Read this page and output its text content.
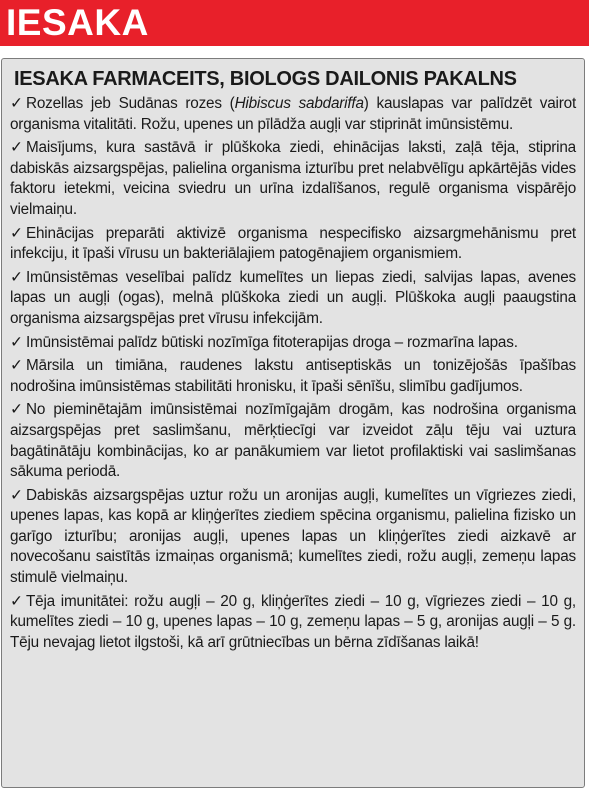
IESAKA
IESAKA FARMACEITS, BIOLOGS DAILONIS PAKALNS

✓ Rozellas jeb Sudānas rozes (Hibiscus sabdariffa) kauslapas var palīdzēt vairot organisma vitalitāti. Rožu, upenes un pīlādža augļi var stiprināt imūnsistēmu.

✓ Maisījums, kura sastāvā ir plūškoka ziedi, ehinācijas laksti, zaļā tēja, stiprina dabiskās aizsargspējas, palielina organisma izturību pret nelabvēlīgu apkārtējās vides faktoru ietekmi, veicina sviedru un urīna izdalīšanos, regulē organisma vispārējo vielmaiņu.

✓ Ehinācijas preparāti aktivizē organisma nespecifisko aizsargmehānismu pret infekciju, it īpaši vīrusu un bakteriālajiem patogēnajiem organismiem.

✓ Imūnsistēmas veselībai palīdz kumelītes un liepas ziedi, salvijas lapas, avenes lapas un augļi (ogas), melnā plūškoka ziedi un augļi. Plūškoka augļi paaugstina organisma aizsargspējas pret vīrusu infekcijām.

✓ Imūnsistēmai palīdz būtiski nozīmīga fitoterapijas droga – rozmarīna lapas.

✓ Mārsila un timiāna, raudenes lakstu antiseptiskās un tonizējošās īpašības nodrošina imūnsistēmas stabilitāti hronisku, it īpaši sēnīšu, slimību gadījumos.

✓ No pieminētajām imūnsistēmai nozīmīgajām drogām, kas nodrošina organisma aizsargspējas pret saslimšanu, mērķtiecīgi var izveidot zāļu tēju vai uztura bagātinātāju kombinācijas, ko ar panākumiem var lietot profilaktiski vai saslimšanas sākuma periodā.

✓ Dabiskās aizsargspējas uztur rožu un aronijas augļi, kumelītes un vīgriezes ziedi, upenes lapas, kas kopā ar kliņģerītes ziediem spēcina organismu, palielina fizisko un garīgo izturību; aronijas augļi, upenes lapas un kliņģerītes ziedi aizkavē ar novecošanu saistītās izmaiņas organismā; kumelītes ziedi, rožu augļi, zemeņu lapas stimulē vielmaiņu.

✓ Tēja imunitātei: rožu augļi – 20 g, kliņģerītes ziedi – 10 g, vīgriezes ziedi – 10 g, kumelītes ziedi – 10 g, upenes lapas – 10 g, zemeņu lapas – 5 g, aronijas augļi – 5 g. Tēju nevajag lietot ilgstoši, kā arī grūtniecības un bērna zīdīšanas laikā!
